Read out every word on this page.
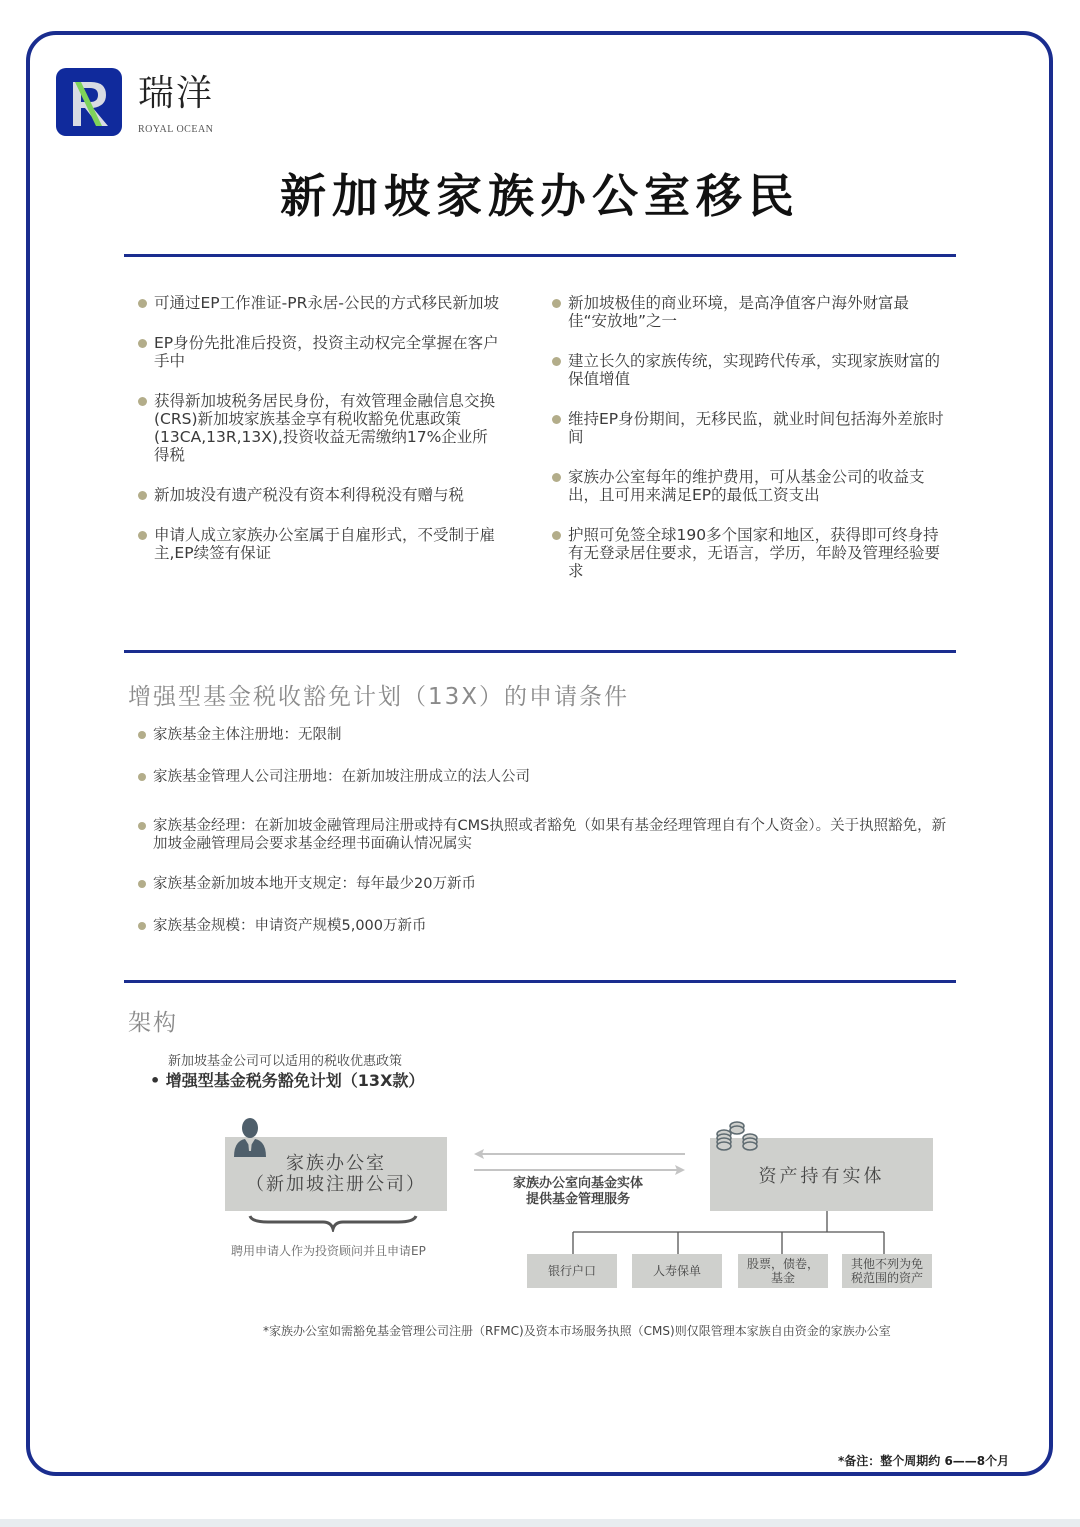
瑞洋
ROYAL OCEAN
新加坡家族办公室移民
可通过EP工作准证-PR永居-公民的方式移民新加坡
EP身份先批准后投资，投资主动权完全掌握在客户手中
获得新加坡税务居民身份，有效管理金融信息交换(CRS)新加坡家族基金享有税收豁免优惠政策(13CA,13R,13X),投资收益无需缴纳17%企业所得税
新加坡没有遗产税没有资本利得税没有赠与税
申请人成立家族办公室属于自雇形式，不受制于雇主,EP续签有保证
新加坡极佳的商业环境，是高净值客户海外财富最佳“安放地”之一
建立长久的家族传统，实现跨代传承，实现家族财富的保值增值
维持EP身份期间，无移民监，就业时间包括海外差旅时间
家族办公室每年的维护费用，可从基金公司的收益支出，且可用来满足EP的最低工资支出
护照可免签全球190多个国家和地区，获得即可终身持有无登录居住要求，无语言，学历，年龄及管理经验要求
增强型基金税收豁免计划（13X）的申请条件
家族基金主体注册地：无限制
家族基金管理人公司注册地：在新加坡注册成立的法人公司
家族基金经理：在新加坡金融管理局注册或持有CMS执照或者豁免（如果有基金经理管理自有个人资金）。关于执照豁免，新加坡金融管理局会要求基金经理书面确认情况属实
家族基金新加坡本地开支规定：每年最少20万新币
家族基金规模：申请资产规模5,000万新币
架构
新加坡基金公司可以适用的税收优惠政策
• 增强型基金税务豁免计划（13X款）
家族办公室
（新加坡注册公司）
聘用申请人作为投资顾问并且申请EP
家族办公室向基金实体
提供基金管理服务
资产持有实体
银行户口	人寿保单	股票，债卷，
基金
其他不列为免
税范围的资产
*家族办公室如需豁免基金管理公司注册（RFMC)及资本市场服务执照（CMS)则仅限管理本家族自由资金的家族办公室
*备注：整个周期约 6——8个月
